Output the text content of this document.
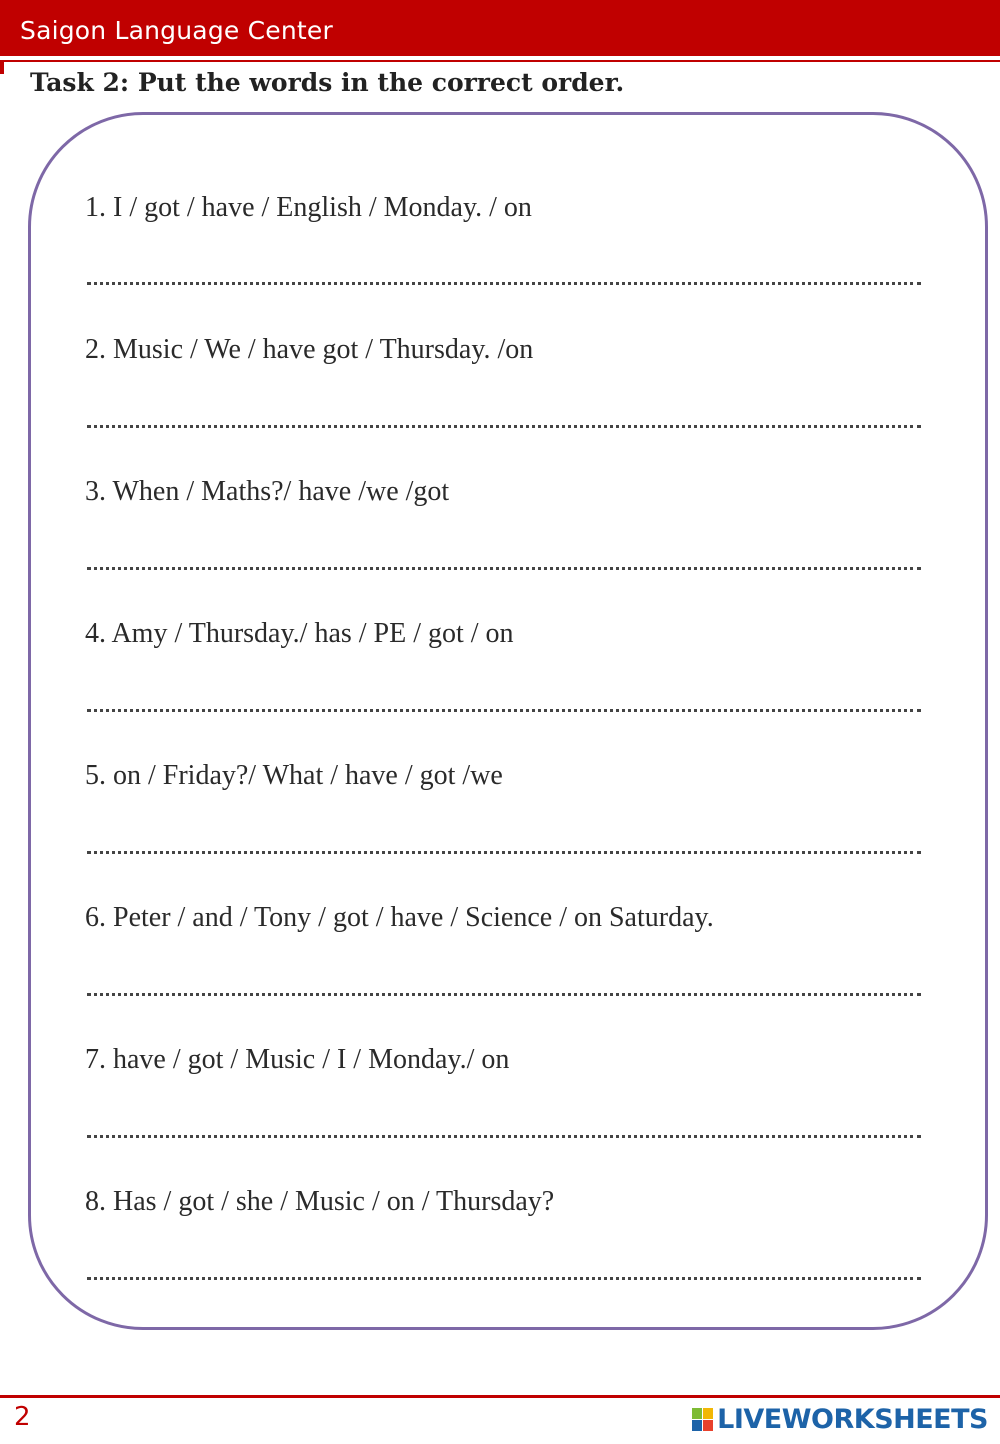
Saigon Language Center
Task 2: Put the words in the correct order.
1. I / got / have / English / Monday. / on
2. Music / We / have got / Thursday. /on
3. When / Maths?/ have /we /got
4. Amy / Thursday./ has / PE / got / on
5. on / Friday?/ What / have / got /we
6. Peter / and / Tony / got / have / Science / on Saturday.
7. have / got / Music / I / Monday./ on
8. Has / got / she / Music / on / Thursday?
2	LIVEWORKSHEETS
